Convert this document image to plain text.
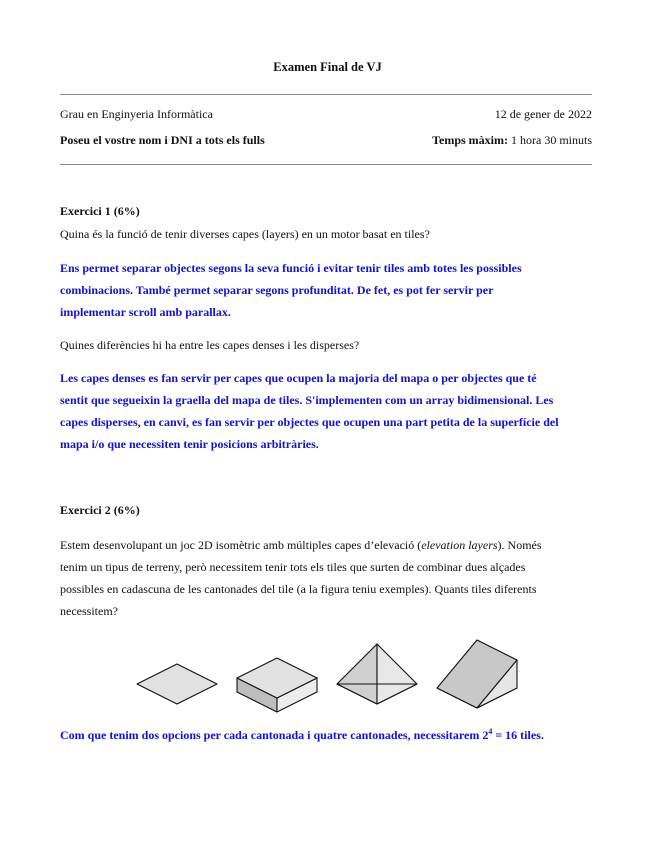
Examen Final de VJ
Grau en Enginyeria Informàtica	12 de gener de 2022
Poseu el vostre nom i DNI a tots els fulls	Temps màxim: 1 hora 30 minuts
Exercici 1 (6%)
Quina és la funció de tenir diverses capes (layers) en un motor basat en tiles?
Ens permet separar objectes segons la seva funció i evitar tenir tiles amb totes les possibles
combinacions. També permet separar segons profunditat. De fet, es pot fer servir per
implementar scroll amb parallax.
Quines diferències hi ha entre les capes denses i les disperses?
Les capes denses es fan servir per capes que ocupen la majoria del mapa o per objectes que té
sentit que segueixin la graella del mapa de tiles. S'implementen com un array bidimensional. Les
capes disperses, en canvi, es fan servir per objectes que ocupen una part petita de la superfície del
mapa i/o que necessiten tenir posicions arbitràries.
Exercici 2 (6%)
Estem desenvolupant un joc 2D isomètric amb múltiples capes d’elevació (elevation layers). Només
tenim un tipus de terreny, però necessitem tenir tots els tiles que surten de combinar dues alçades
possibles en cadascuna de les cantonades del tile (a la figura teniu exemples). Quants tiles diferents
necessitem?
Com que tenim dos opcions per cada cantonada i quatre cantonades, necessitarem $2^4 = 16$ tiles.
